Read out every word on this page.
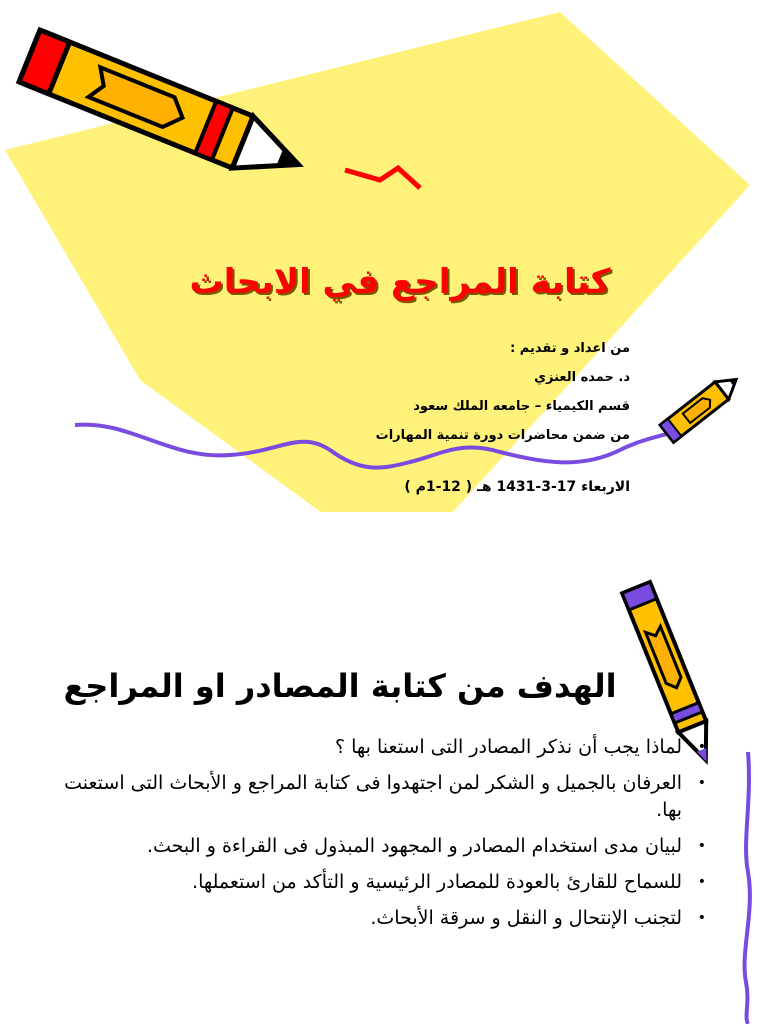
كتابة المراجع في الابحاث
من اعداد و تقديم :
د. حمده العنزي
قسم الكيمياء – جامعه الملك سعود
من ضمن محاضرات دورة تنمية المهارات
الاربعاء 17-3-1431 هـ ( 12-1م )
الهدف من كتابة المصادر او المراجع
•
لماذا يجب أن نذكر المصادر التى استعنا بها ؟
•
العرفان بالجميل و الشكر لمن اجتهدوا فى كتابة المراجع و الأبحاث التى استعنت بها.
•
لبيان مدى استخدام المصادر و المجهود المبذول فى القراءة و البحث.
•
للسماح للقارئ بالعودة للمصادر الرئيسية و التأكد من استعملها.
•
لتجنب الإنتحال و النقل و سرقة الأبحاث.
